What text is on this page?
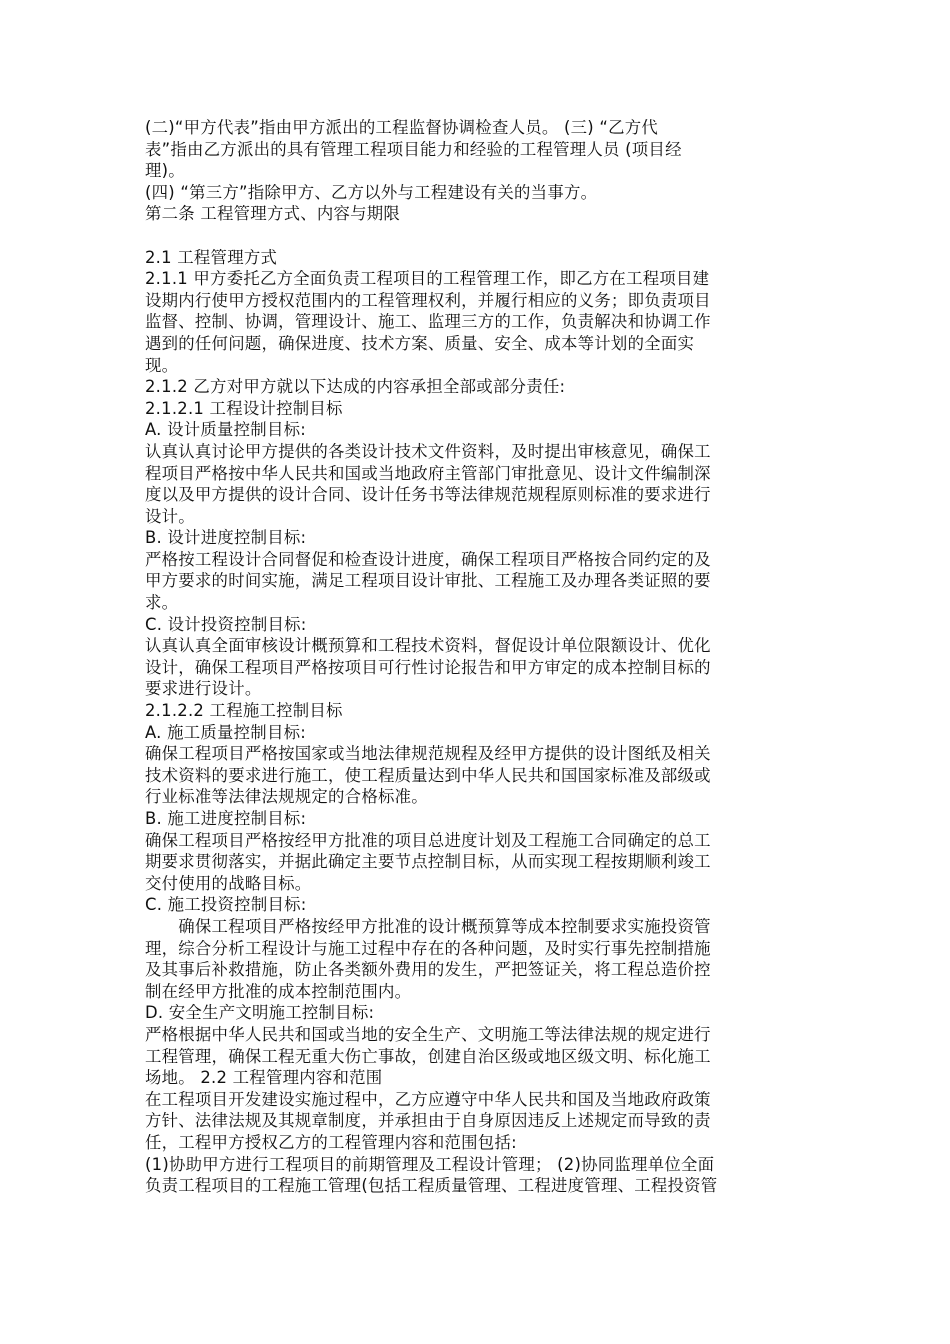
(二)“甲方代表”指由甲方派出的工程监督协调检查人员。 (三) “乙方代
表”指由乙方派出的具有管理工程项目能力和经验的工程管理人员 (项目经
理)。
(四) “第三方”指除甲方、乙方以外与工程建设有关的当事方。
第二条 工程管理方式、内容与期限
2.1 工程管理方式
2.1.1 甲方委托乙方全面负责工程项目的工程管理工作，即乙方在工程项目建
设期内行使甲方授权范围内的工程管理权利，并履行相应的义务；即负责项目
监督、控制、协调，管理设计、施工、监理三方的工作，负责解决和协调工作
遇到的任何问题，确保进度、技术方案、质量、安全、成本等计划的全面实
现。
2.1.2 乙方对甲方就以下达成的内容承担全部或部分责任:
2.1.2.1 工程设计控制目标
A. 设计质量控制目标:
认真认真讨论甲方提供的各类设计技术文件资料，及时提出审核意见，确保工
程项目严格按中华人民共和国或当地政府主管部门审批意见、设计文件编制深
度以及甲方提供的设计合同、设计任务书等法律规范规程原则标准的要求进行
设计。
B. 设计进度控制目标:
严格按工程设计合同督促和检查设计进度，确保工程项目严格按合同约定的及
甲方要求的时间实施，满足工程项目设计审批、工程施工及办理各类证照的要
求。
C. 设计投资控制目标:
认真认真全面审核设计概预算和工程技术资料，督促设计单位限额设计、优化
设计，确保工程项目严格按项目可行性讨论报告和甲方审定的成本控制目标的
要求进行设计。
2.1.2.2 工程施工控制目标
A. 施工质量控制目标:
确保工程项目严格按国家或当地法律规范规程及经甲方提供的设计图纸及相关
技术资料的要求进行施工，使工程质量达到中华人民共和国国家标准及部级或
行业标准等法律法规规定的合格标准。
B. 施工进度控制目标:
确保工程项目严格按经甲方批准的项目总进度计划及工程施工合同确定的总工
期要求贯彻落实，并据此确定主要节点控制目标，从而实现工程按期顺利竣工
交付使用的战略目标。
C. 施工投资控制目标:
　　确保工程项目严格按经甲方批准的设计概预算等成本控制要求实施投资管
理，综合分析工程设计与施工过程中存在的各种问题，及时实行事先控制措施
及其事后补救措施，防止各类额外费用的发生，严把签证关，将工程总造价控
制在经甲方批准的成本控制范围内。
D. 安全生产文明施工控制目标:
严格根据中华人民共和国或当地的安全生产、文明施工等法律法规的规定进行
工程管理，确保工程无重大伤亡事故，创建自治区级或地区级文明、标化施工
场地。 2.2 工程管理内容和范围
在工程项目开发建设实施过程中，乙方应遵守中华人民共和国及当地政府政策
方针、法律法规及其规章制度，并承担由于自身原因违反上述规定而导致的责
任，工程甲方授权乙方的工程管理内容和范围包括:
(1)协助甲方进行工程项目的前期管理及工程设计管理； (2)协同监理单位全面
负责工程项目的工程施工管理(包括工程质量管理、工程进度管理、工程投资管
